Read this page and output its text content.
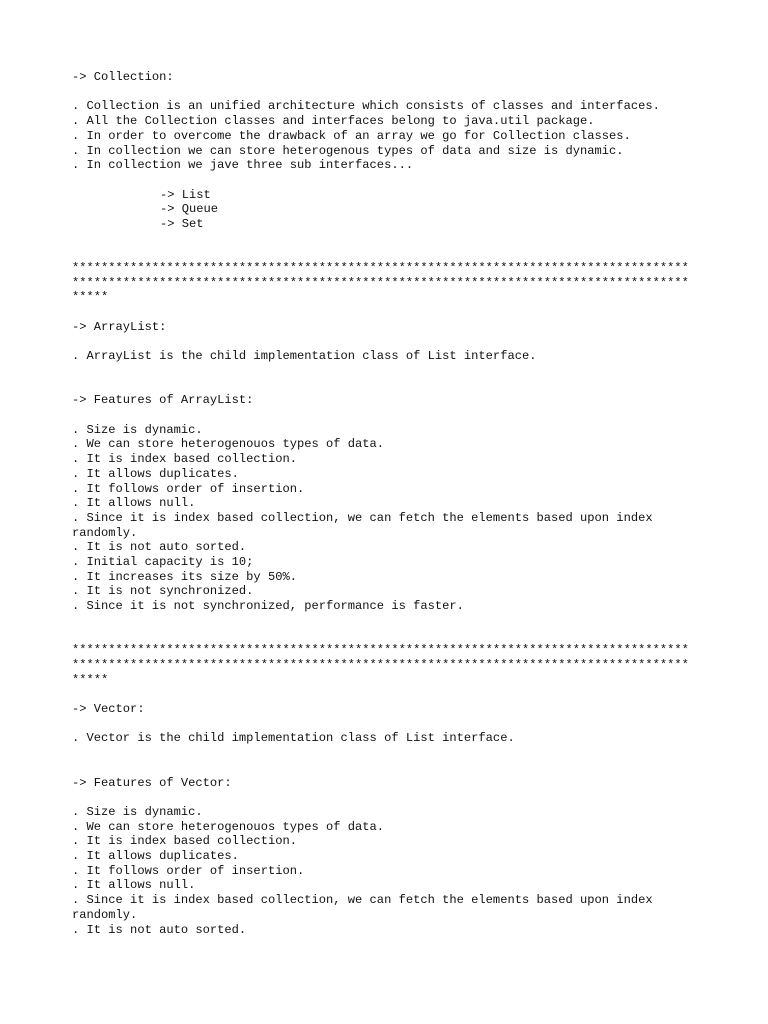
-> Collection:
. Collection is an unified architecture which consists of classes and interfaces.
. All the Collection classes and interfaces belong to java.util package.
. In order to overcome the drawback of an array we go for Collection classes.
. In collection we can store heterogenous types of data and size is dynamic.
. In collection we jave three sub interfaces...
-> List
-> Queue
-> Set
*************************************************************************************
*************************************************************************************
*****
-> ArrayList:
. ArrayList is the child implementation class of List interface.
-> Features of ArrayList:
. Size is dynamic.
. We can store heterogenouos types of data.
. It is index based collection.
. It allows duplicates.
. It follows order of insertion.
. It allows null.
. Since it is index based collection, we can fetch the elements based upon index
randomly.
. It is not auto sorted.
. Initial capacity is 10;
. It increases its size by 50%.
. It is not synchronized.
. Since it is not synchronized, performance is faster.
*************************************************************************************
*************************************************************************************
*****
-> Vector:
. Vector is the child implementation class of List interface.
-> Features of Vector:
. Size is dynamic.
. We can store heterogenouos types of data.
. It is index based collection.
. It allows duplicates.
. It follows order of insertion.
. It allows null.
. Since it is index based collection, we can fetch the elements based upon index
randomly.
. It is not auto sorted.
